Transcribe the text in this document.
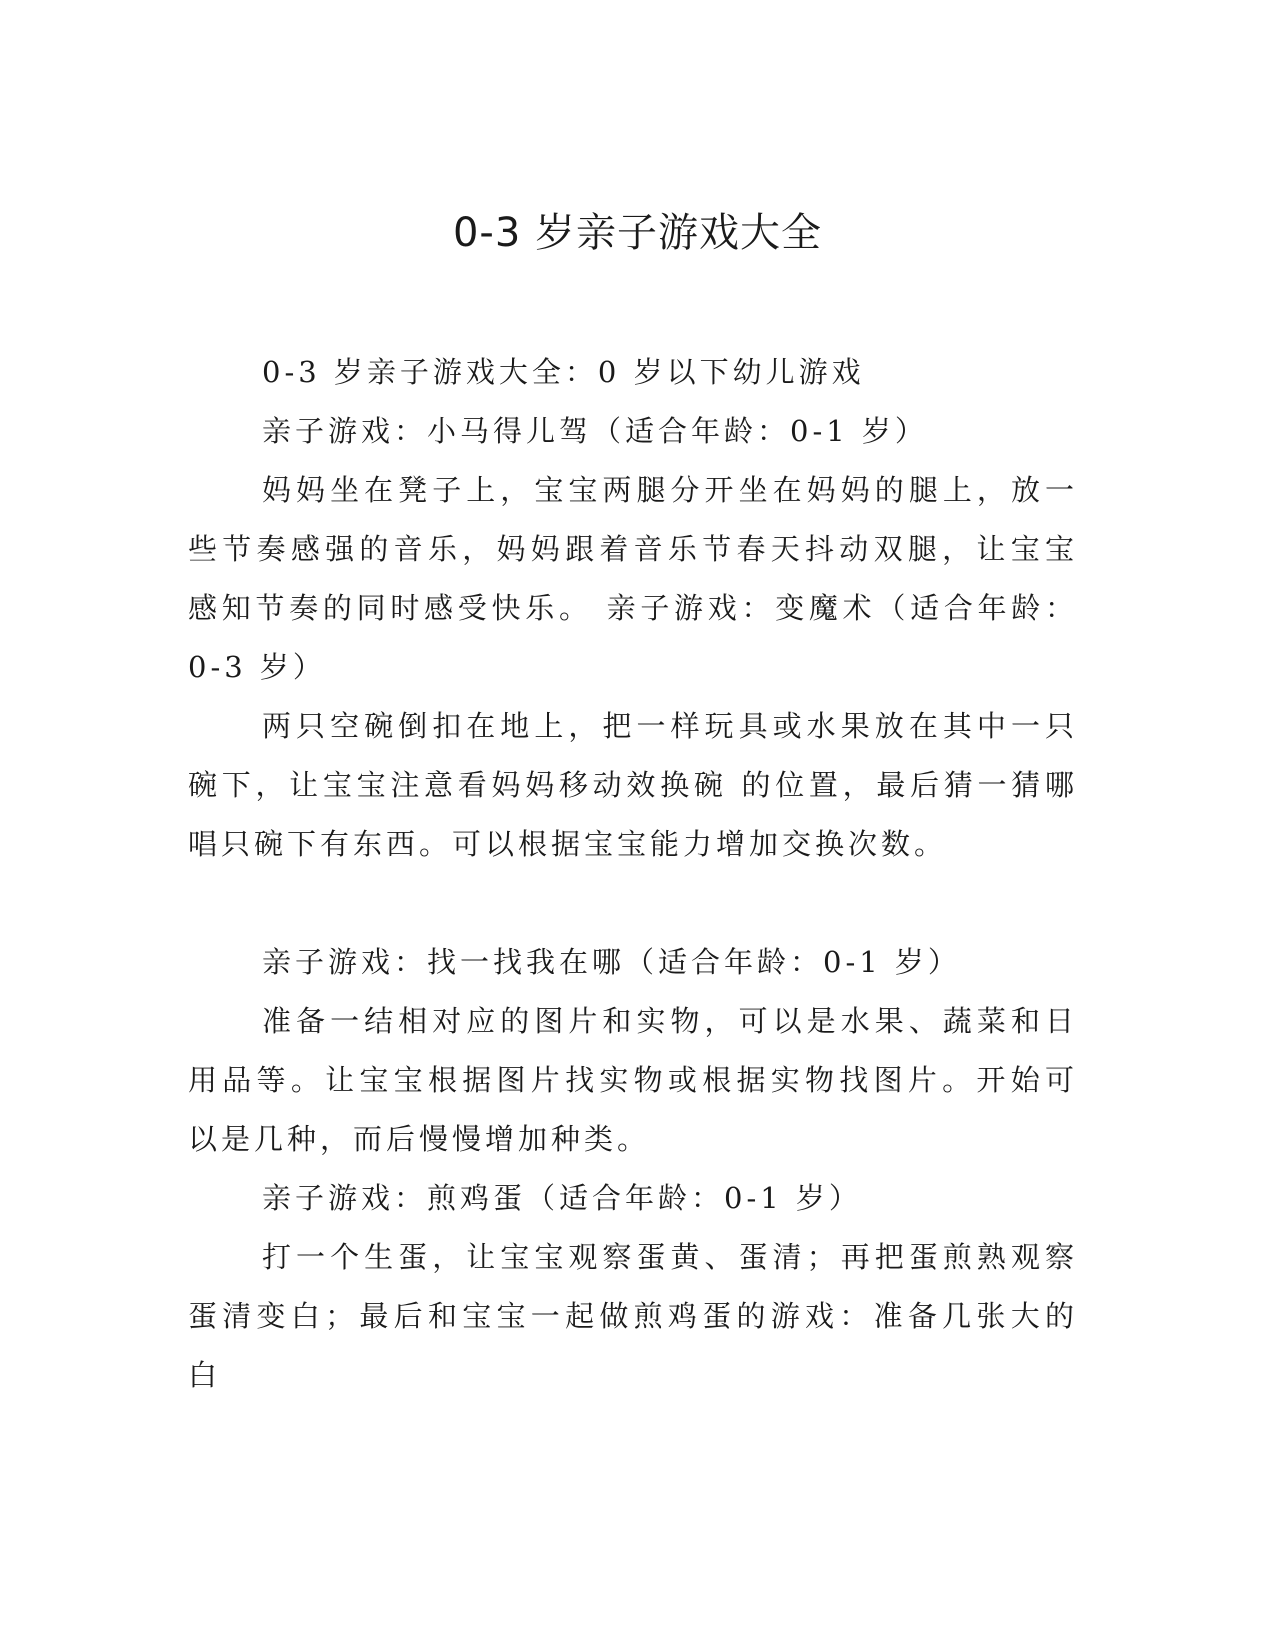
0-3 岁亲子游戏大全

0-3 岁亲子游戏大全：0 岁以下幼儿游戏

亲子游戏：小马得儿驾（适合年龄：0-1 岁）

妈妈坐在凳子上，宝宝两腿分开坐在妈妈的腿上，放一些节奏感强的音乐，妈妈跟着音乐节春天抖动双腿，让宝宝感知节奏的同时感受快乐。 亲子游戏：变魔术（适合年龄：0-3 岁）

两只空碗倒扣在地上，把一样玩具或水果放在其中一只碗下，让宝宝注意看妈妈移动效换碗 的位置，最后猜一猜哪唱只碗下有东西。可以根据宝宝能力增加交换次数。

亲子游戏：找一找我在哪（适合年龄：0-1 岁）

准备一结相对应的图片和实物，可以是水果、蔬菜和日用品等。让宝宝根据图片找实物或根据实物找图片。开始可以是几种，而后慢慢增加种类。

亲子游戏：煎鸡蛋（适合年龄：0-1 岁）

打一个生蛋，让宝宝观察蛋黄、蛋清；再把蛋煎熟观察蛋清变白；最后和宝宝一起做煎鸡蛋的游戏：准备几张大的白
